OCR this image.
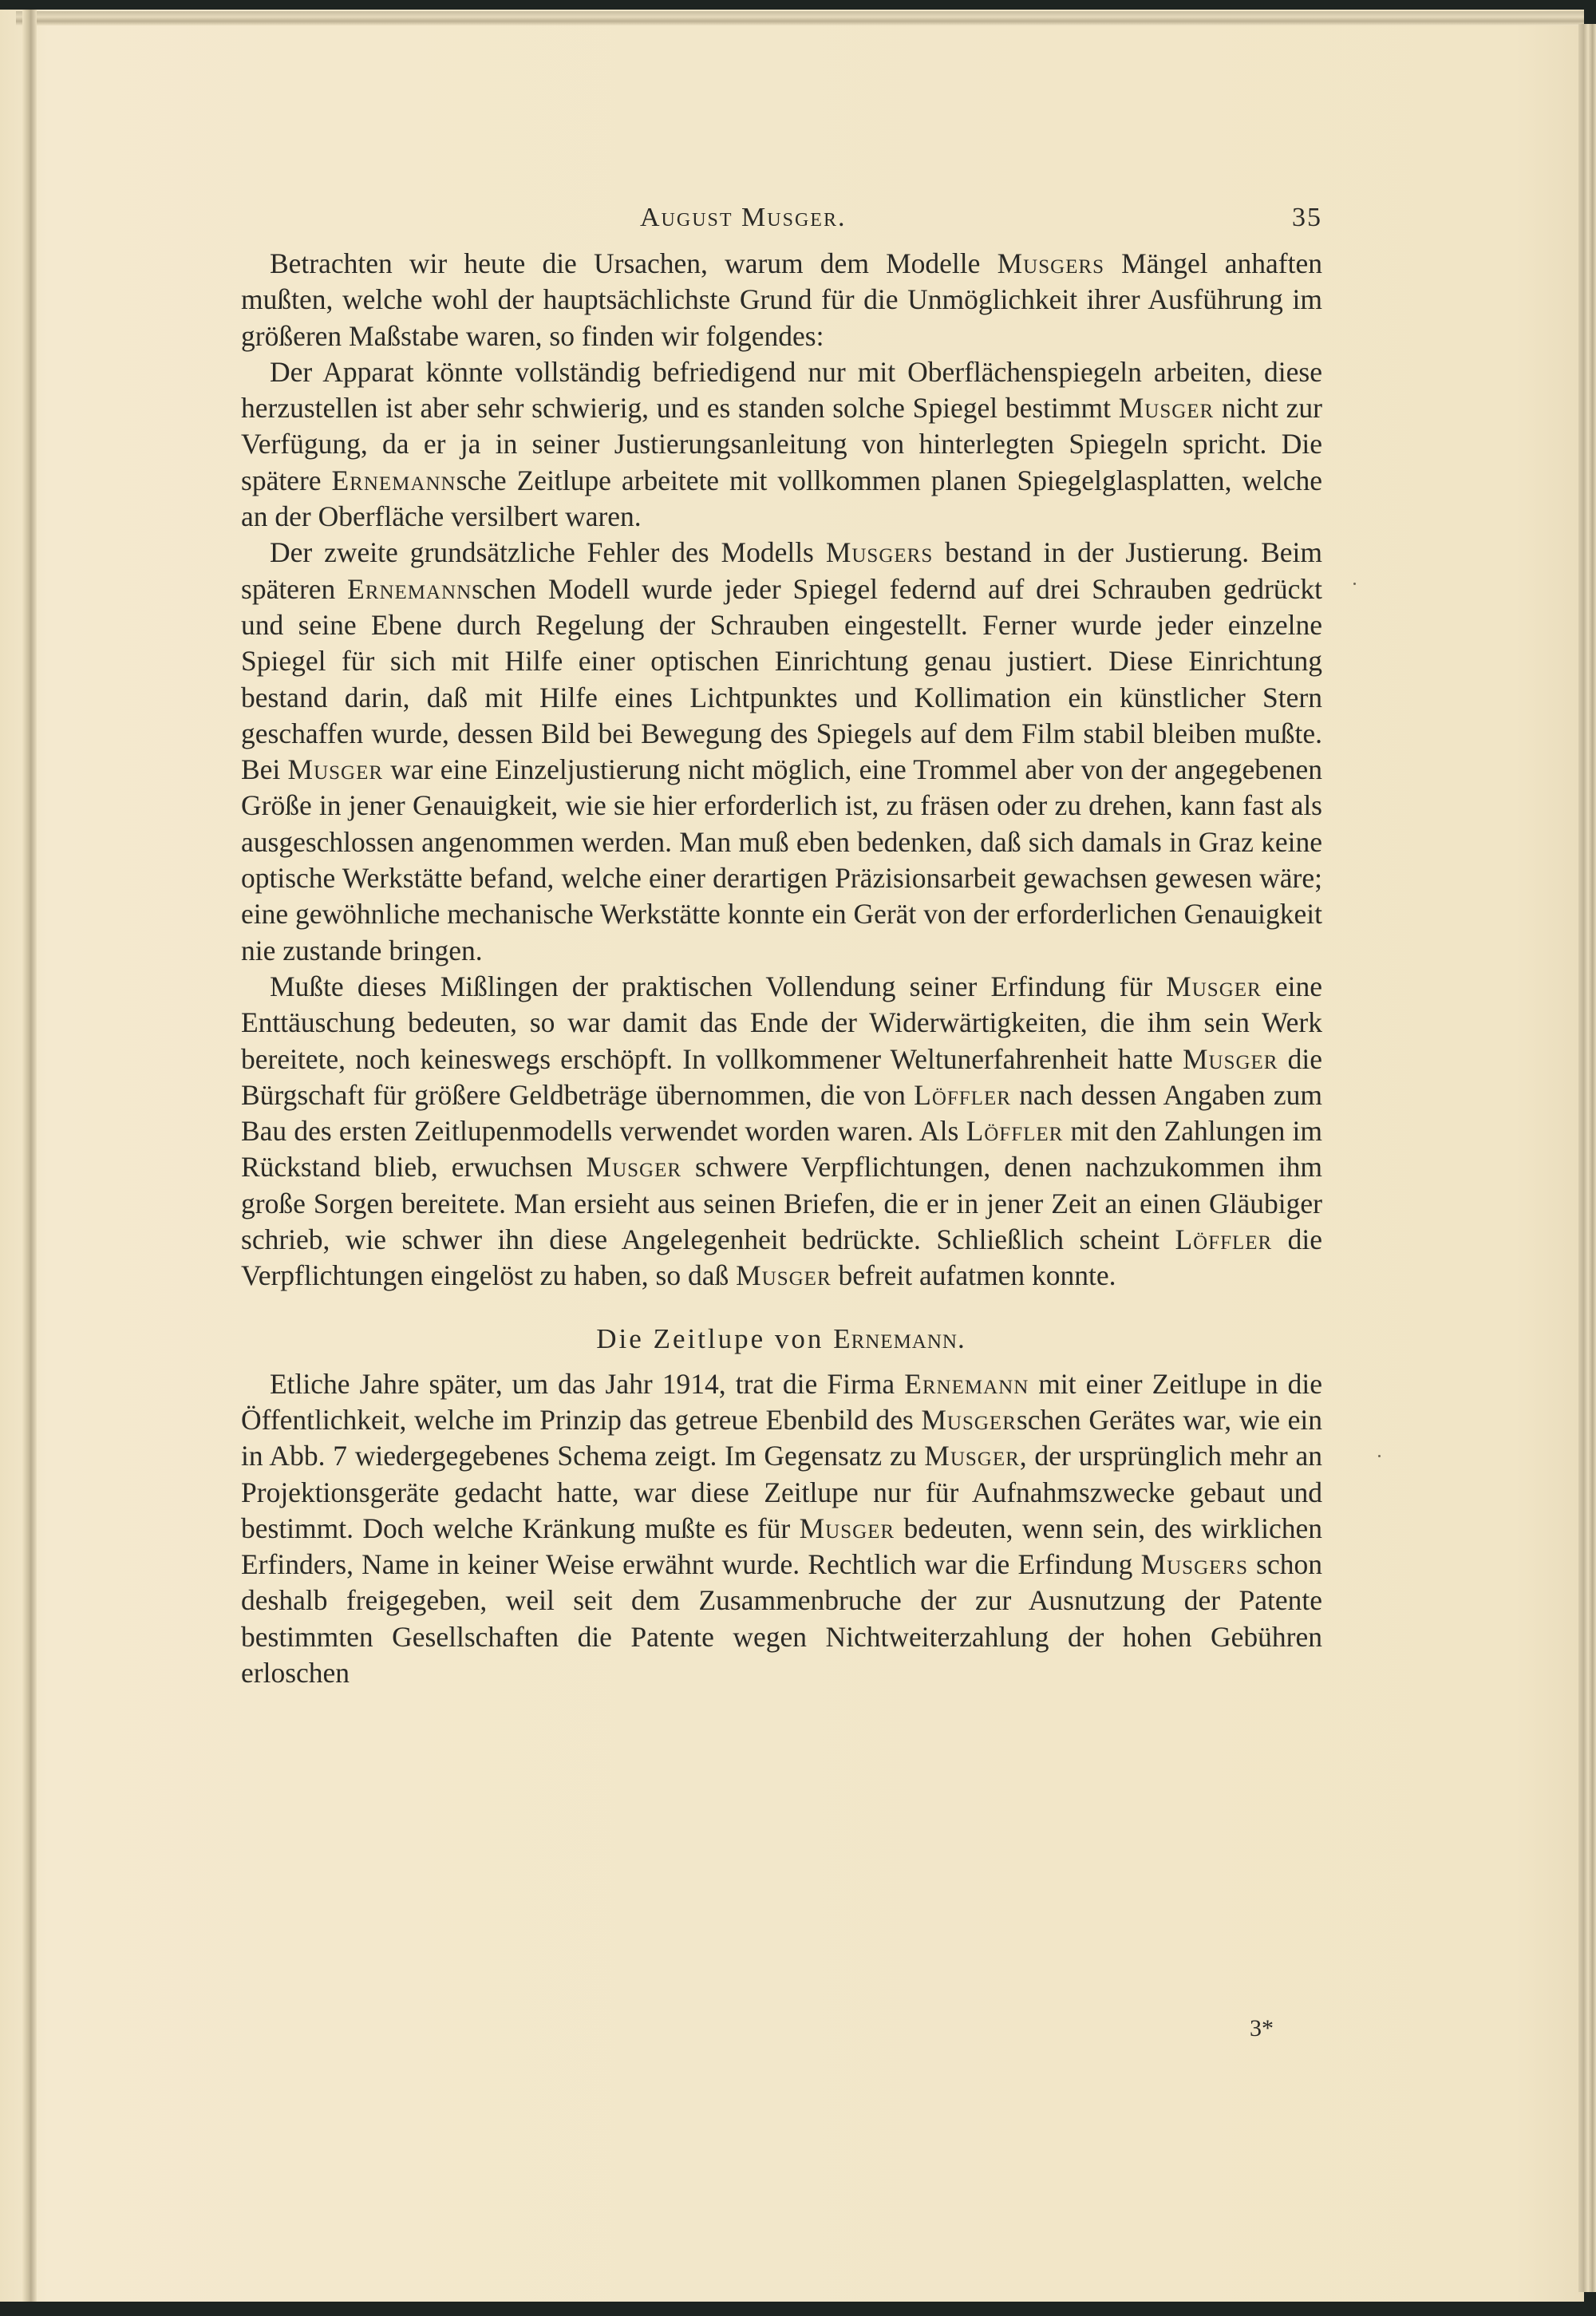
August Musger.	35

Betrachten wir heute die Ursachen, warum dem Modelle Musgers Mängel anhaften mußten, welche wohl der hauptsächlichste Grund für die Unmöglichkeit ihrer Ausführung im größeren Maßstabe waren, so finden wir folgendes:

Der Apparat könnte vollständig befriedigend nur mit Oberflächenspiegeln arbeiten, diese herzustellen ist aber sehr schwierig, und es standen solche Spiegel bestimmt Musger nicht zur Verfügung, da er ja in seiner Justierungsanleitung von hinterlegten Spiegeln spricht. Die spätere Ernemannsche Zeitlupe arbeitete mit vollkommen planen Spiegelglasplatten, welche an der Oberfläche versilbert waren.

Der zweite grundsätzliche Fehler des Modells Musgers bestand in der Justierung. Beim späteren Ernemannschen Modell wurde jeder Spiegel federnd auf drei Schrauben gedrückt und seine Ebene durch Regelung der Schrauben eingestellt. Ferner wurde jeder einzelne Spiegel für sich mit Hilfe einer optischen Einrichtung genau justiert. Diese Einrichtung bestand darin, daß mit Hilfe eines Lichtpunktes und Kollimation ein künstlicher Stern geschaffen wurde, dessen Bild bei Bewegung des Spiegels auf dem Film stabil bleiben mußte. Bei Musger war eine Einzeljustierung nicht möglich, eine Trommel aber von der angegebenen Größe in jener Genauigkeit, wie sie hier erforderlich ist, zu fräsen oder zu drehen, kann fast als ausgeschlossen angenommen werden. Man muß eben bedenken, daß sich damals in Graz keine optische Werkstätte befand, welche einer derartigen Präzisionsarbeit gewachsen gewesen wäre; eine gewöhnliche mechanische Werkstätte konnte ein Gerät von der erforderlichen Genauigkeit nie zustande bringen.

Mußte dieses Mißlingen der praktischen Vollendung seiner Erfindung für Musger eine Enttäuschung bedeuten, so war damit das Ende der Widerwärtigkeiten, die ihm sein Werk bereitete, noch keineswegs erschöpft. In vollkommener Weltunerfahrenheit hatte Musger die Bürgschaft für größere Geldbeträge übernommen, die von Löffler nach dessen Angaben zum Bau des ersten Zeitlupenmodells verwendet worden waren. Als Löffler mit den Zahlungen im Rückstand blieb, erwuchsen Musger schwere Verpflichtungen, denen nachzukommen ihm große Sorgen bereitete. Man ersieht aus seinen Briefen, die er in jener Zeit an einen Gläubiger schrieb, wie schwer ihn diese Angelegenheit bedrückte. Schließlich scheint Löffler die Verpflichtungen eingelöst zu haben, so daß Musger befreit aufatmen konnte.

Die Zeitlupe von Ernemann.

Etliche Jahre später, um das Jahr 1914, trat die Firma Ernemann mit einer Zeitlupe in die Öffentlichkeit, welche im Prinzip das getreue Ebenbild des Musgerschen Gerätes war, wie ein in Abb. 7 wiedergegebenes Schema zeigt. Im Gegensatz zu Musger, der ursprünglich mehr an Projektionsgeräte gedacht hatte, war diese Zeitlupe nur für Aufnahmszwecke gebaut und bestimmt. Doch welche Kränkung mußte es für Musger bedeuten, wenn sein, des wirklichen Erfinders, Name in keiner Weise erwähnt wurde. Rechtlich war die Erfindung Musgers schon deshalb freigegeben, weil seit dem Zusammenbruche der zur Ausnutzung der Patente bestimmten Gesellschaften die Patente wegen Nichtweiterzahlung der hohen Gebühren erloschen

3*
